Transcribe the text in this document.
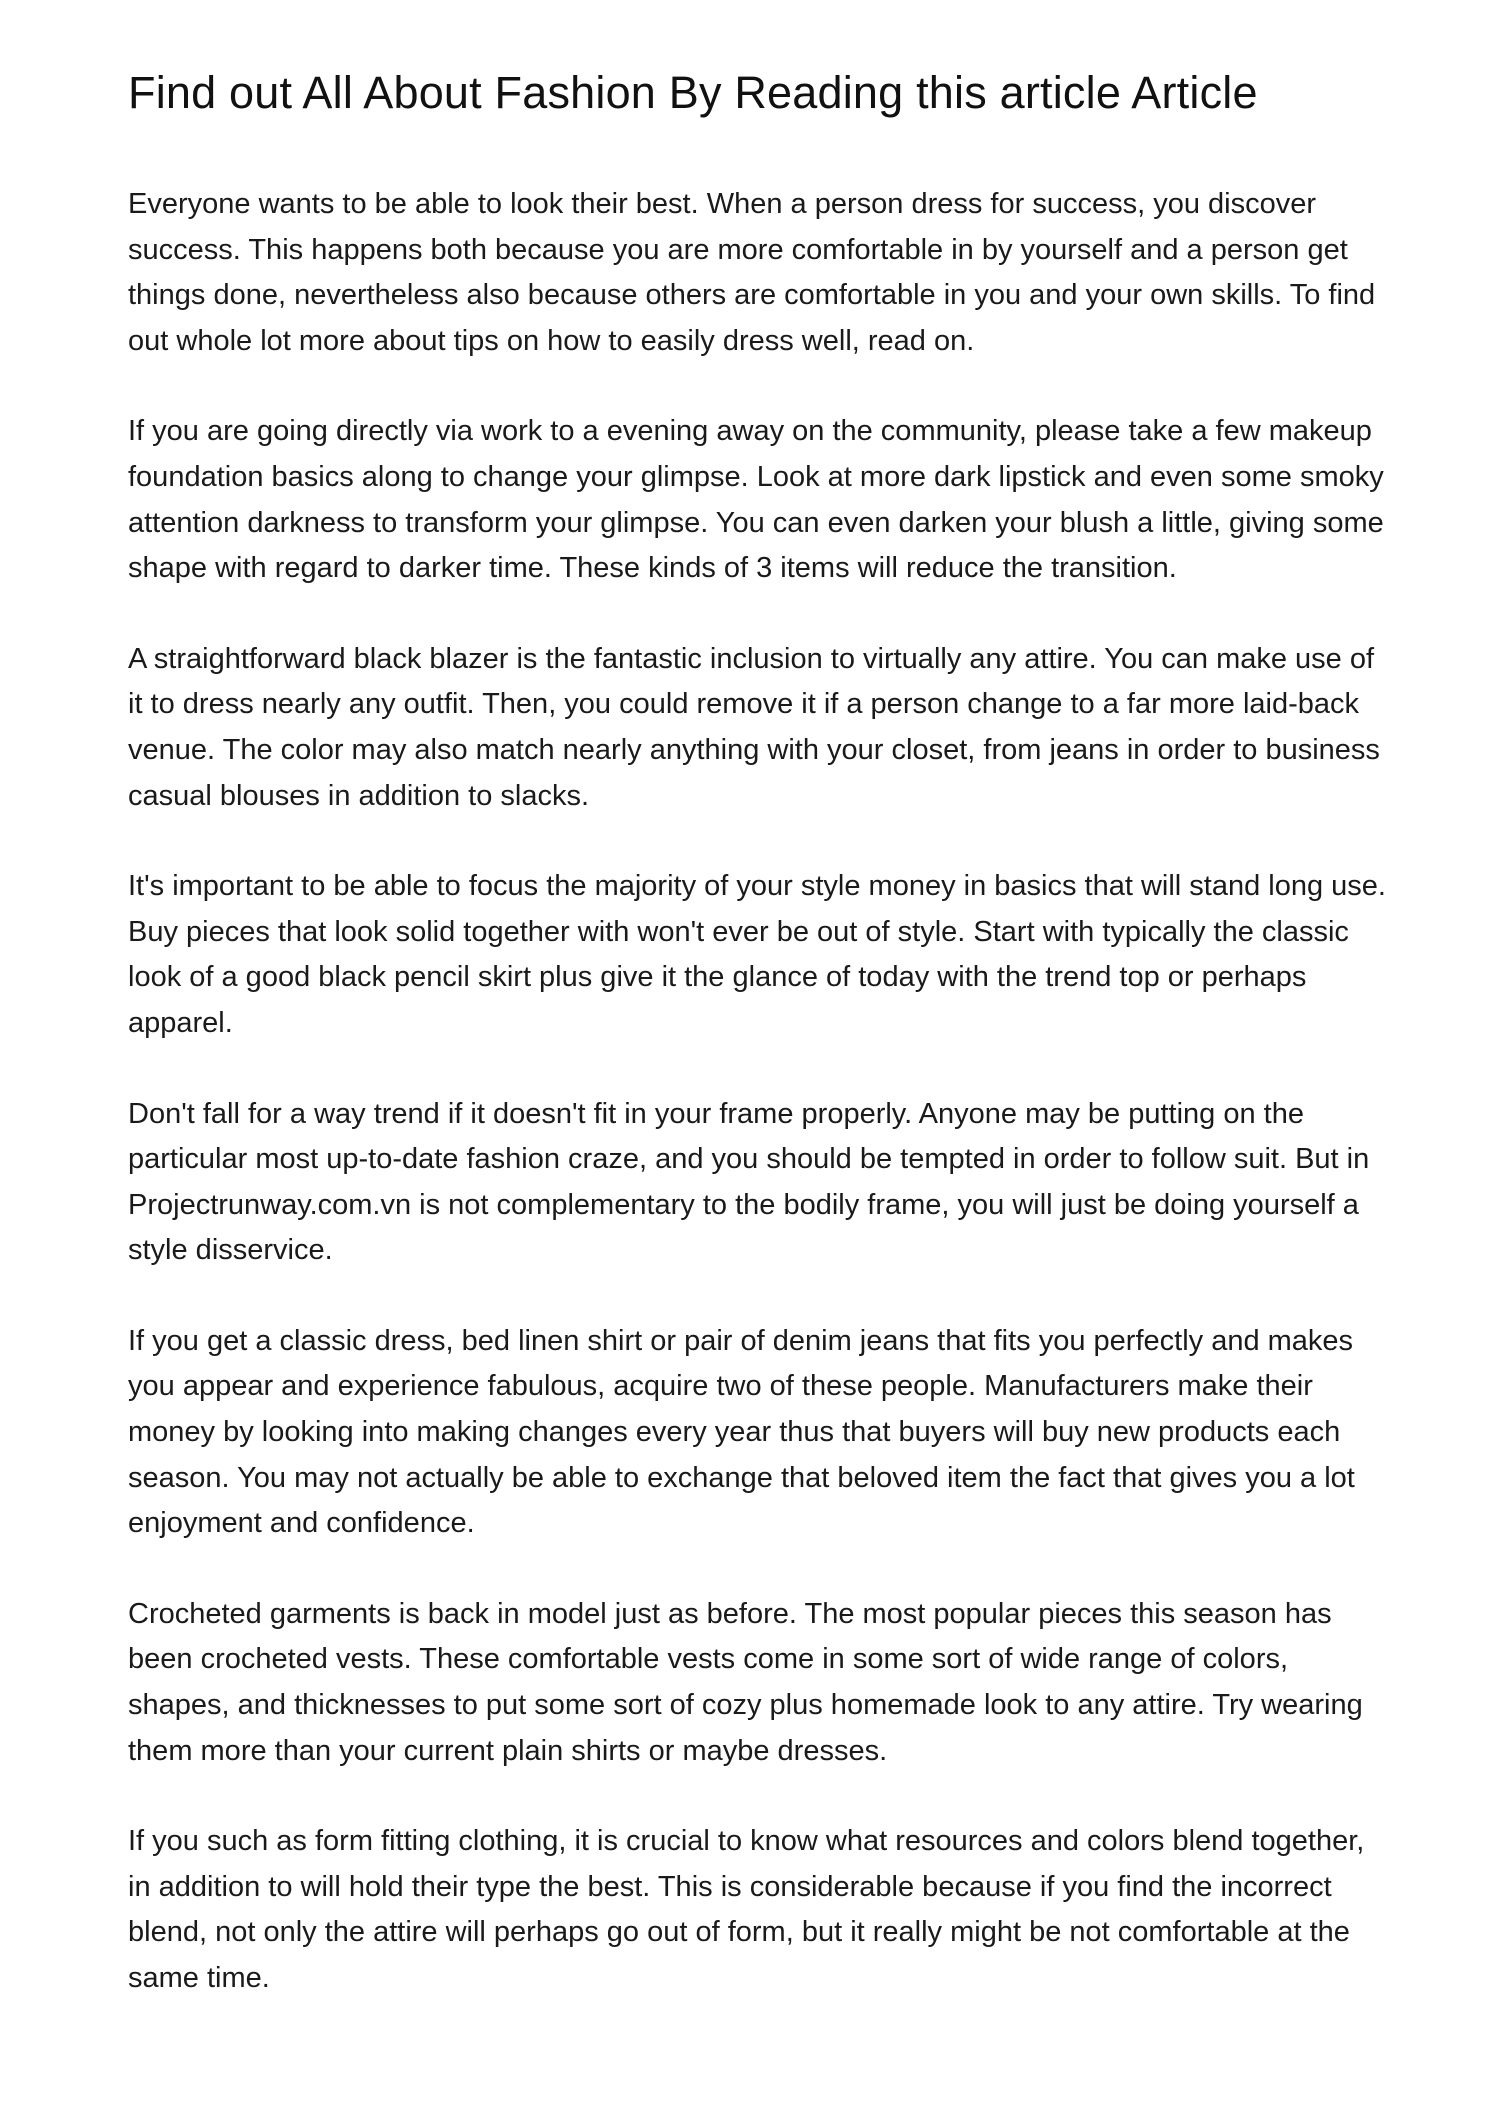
Find out All About Fashion By Reading this article Article

Everyone wants to be able to look their best. When a person dress for success, you discover success. This happens both because you are more comfortable in by yourself and a person get things done, nevertheless also because others are comfortable in you and your own skills. To find out whole lot more about tips on how to easily dress well, read on.

If you are going directly via work to a evening away on the community, please take a few makeup foundation basics along to change your glimpse. Look at more dark lipstick and even some smoky attention darkness to transform your glimpse. You can even darken your blush a little, giving some shape with regard to darker time. These kinds of 3 items will reduce the transition.

A straightforward black blazer is the fantastic inclusion to virtually any attire. You can make use of it to dress nearly any outfit. Then, you could remove it if a person change to a far more laid-back venue. The color may also match nearly anything with your closet, from jeans in order to business casual blouses in addition to slacks.

It's important to be able to focus the majority of your style money in basics that will stand long use. Buy pieces that look solid together with won't ever be out of style. Start with typically the classic look of a good black pencil skirt plus give it the glance of today with the trend top or perhaps apparel.

Don't fall for a way trend if it doesn't fit in your frame properly. Anyone may be putting on the particular most up-to-date fashion craze, and you should be tempted in order to follow suit. But in Projectrunway.com.vn is not complementary to the bodily frame, you will just be doing yourself a style disservice.

If you get a classic dress, bed linen shirt or pair of denim jeans that fits you perfectly and makes you appear and experience fabulous, acquire two of these people. Manufacturers make their money by looking into making changes every year thus that buyers will buy new products each season. You may not actually be able to exchange that beloved item the fact that gives you a lot enjoyment and confidence.

Crocheted garments is back in model just as before. The most popular pieces this season has been crocheted vests. These comfortable vests come in some sort of wide range of colors, shapes, and thicknesses to put some sort of cozy plus homemade look to any attire. Try wearing them more than your current plain shirts or maybe dresses.

If you such as form fitting clothing, it is crucial to know what resources and colors blend together, in addition to will hold their type the best. This is considerable because if you find the incorrect blend, not only the attire will perhaps go out of form, but it really might be not comfortable at the same time.
